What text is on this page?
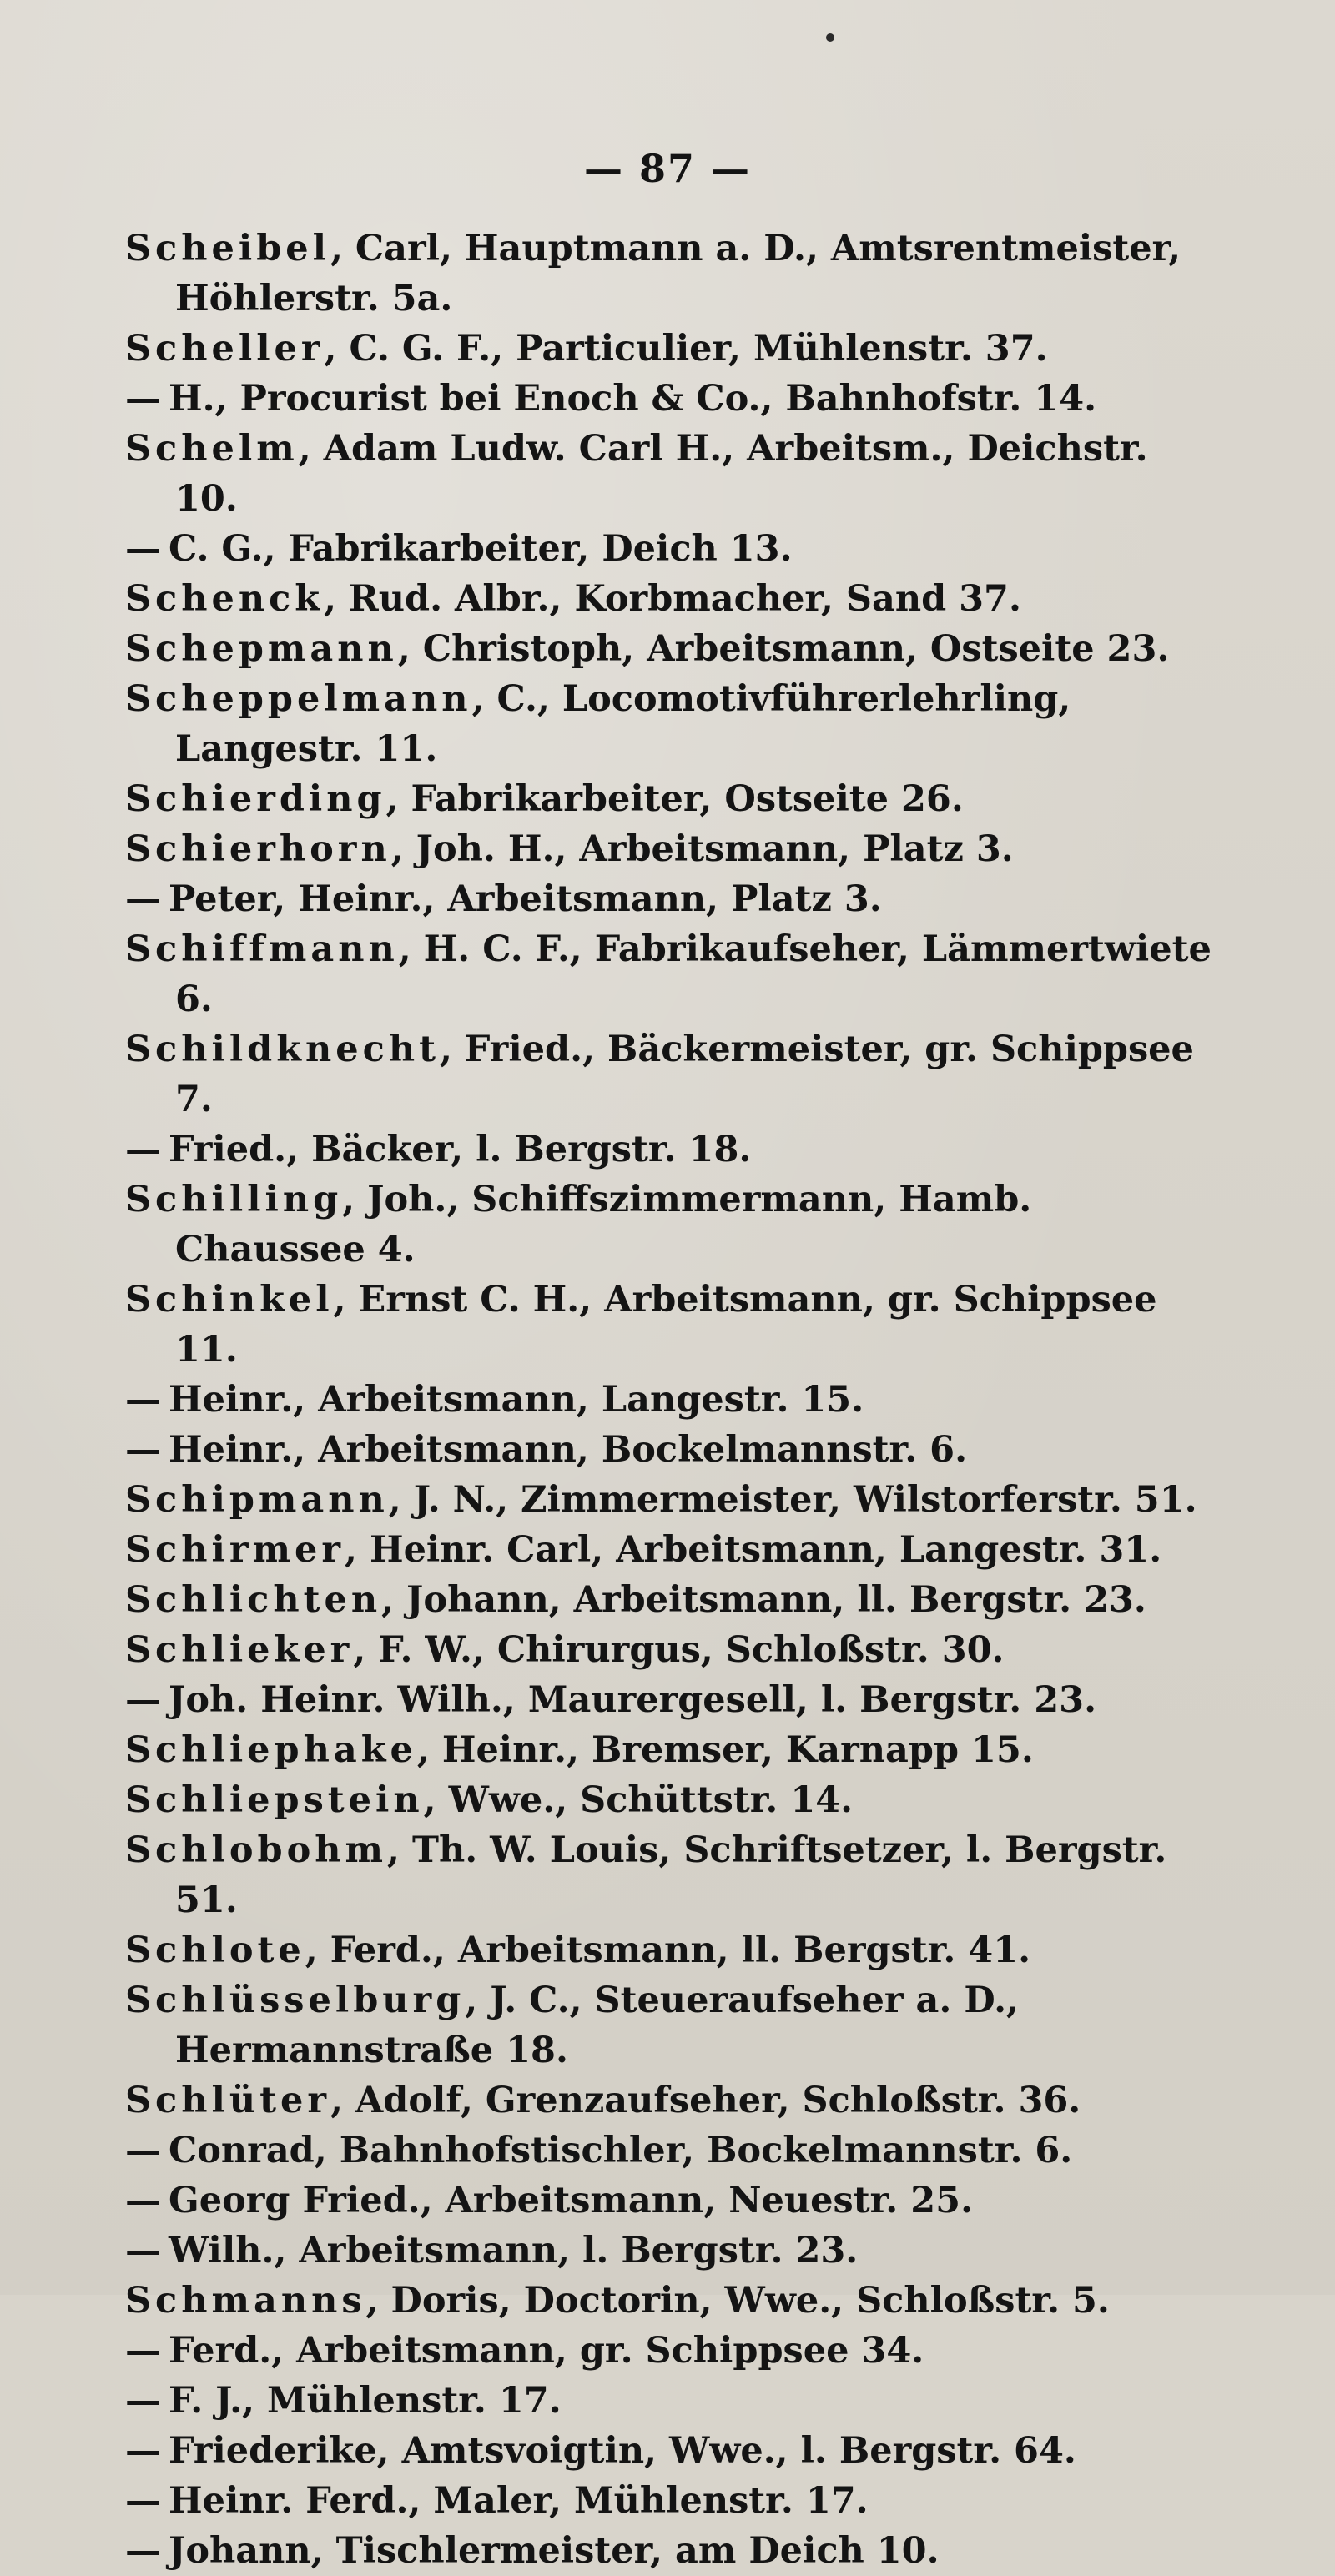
— 87 —
Scheibel, Carl, Hauptmann a. D., Amtsrentmeister, Höhlerstr. 5a.
Scheller, C. G. F., Particulier, Mühlenstr. 37.
—H., Procurist bei Enoch & Co., Bahnhofstr. 14.
Schelm, Adam Ludw. Carl H., Arbeitsm., Deichstr. 10.
—C. G., Fabrikarbeiter, Deich 13.
Schenck, Rud. Albr., Korbmacher, Sand 37.
Schepmann, Christoph, Arbeitsmann, Ostseite 23.
Scheppelmann, C., Locomotivführerlehrling, Langestr. 11.
Schierding, Fabrikarbeiter, Ostseite 26.
Schierhorn, Joh. H., Arbeitsmann, Platz 3.
—Peter, Heinr., Arbeitsmann, Platz 3.
Schiffmann, H. C. F., Fabrikaufseher, Lämmertwiete 6.
Schildknecht, Fried., Bäckermeister, gr. Schippsee 7.
—Fried., Bäcker, l. Bergstr. 18.
Schilling, Joh., Schiffszimmermann, Hamb. Chaussee 4.
Schinkel, Ernst C. H., Arbeitsmann, gr. Schippsee 11.
—Heinr., Arbeitsmann, Langestr. 15.
—Heinr., Arbeitsmann, Bockelmannstr. 6.
Schipmann, J. N., Zimmermeister, Wilstorferstr. 51.
Schirmer, Heinr. Carl, Arbeitsmann, Langestr. 31.
Schlichten, Johann, Arbeitsmann, ll. Bergstr. 23.
Schlieker, F. W., Chirurgus, Schloßstr. 30.
—Joh. Heinr. Wilh., Maurergesell, l. Bergstr. 23.
Schliephake, Heinr., Bremser, Karnapp 15.
Schliepstein, Wwe., Schüttstr. 14.
Schlobohm, Th. W. Louis, Schriftsetzer, l. Bergstr. 51.
Schlote, Ferd., Arbeitsmann, ll. Bergstr. 41.
Schlüsselburg, J. C., Steueraufseher a. D., Hermannstraße 18.
Schlüter, Adolf, Grenzaufseher, Schloßstr. 36.
—Conrad, Bahnhofstischler, Bockelmannstr. 6.
—Georg Fried., Arbeitsmann, Neuestr. 25.
—Wilh., Arbeitsmann, l. Bergstr. 23.
Schmanns, Doris, Doctorin, Wwe., Schloßstr. 5.
—Ferd., Arbeitsmann, gr. Schippsee 34.
—F. J., Mühlenstr. 17.
—Friederike, Amtsvoigtin, Wwe., l. Bergstr. 64.
—Heinr. Ferd., Maler, Mühlenstr. 17.
—Johann, Tischlermeister, am Deich 10.
